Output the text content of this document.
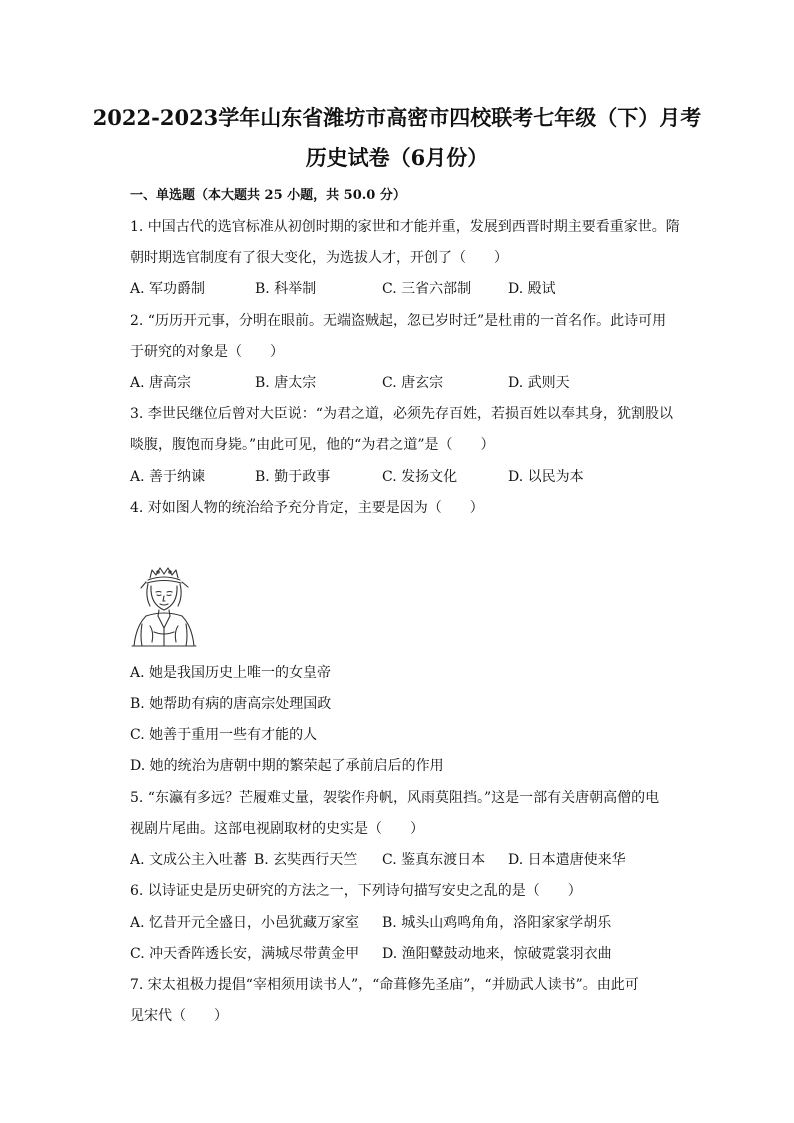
2022-2023学年山东省潍坊市高密市四校联考七年级（下）月考
历史试卷（6月份）
一、单选题（本大题共 25 小题，共 50.0 分）
1. 中国古代的选官标准从初创时期的家世和才能并重，发展到西晋时期主要看重家世。隋
朝时期选官制度有了很大变化，为选拔人才，开创了（　　）
A. 军功爵制	B. 科举制	C. 三省六部制	D. 殿试
2. “历历开元事，分明在眼前。无端盗贼起，忽已岁时迁”是杜甫的一首名作。此诗可用
于研究的对象是（　　）
A. 唐高宗	B. 唐太宗	C. 唐玄宗	D. 武则天
3. 李世民继位后曾对大臣说：“为君之道，必须先存百姓，若损百姓以奉其身，犹割股以
啖腹，腹饱而身毙。”由此可见，他的“为君之道”是（　　）
A. 善于纳谏	B. 勤于政事	C. 发扬文化	D. 以民为本
4. 对如图人物的统治给予充分肯定，主要是因为（　　）
A. 她是我国历史上唯一的女皇帝
B. 她帮助有病的唐高宗处理国政
C. 她善于重用一些有才能的人
D. 她的统治为唐朝中期的繁荣起了承前启后的作用
5. “东瀛有多远？芒履难丈量，袈裟作舟帆，风雨莫阻挡。”这是一部有关唐朝高僧的电
视剧片尾曲。这部电视剧取材的史实是（　　）
A. 文成公主入吐蕃 B. 玄奘西行天竺 C. 鉴真东渡日本 D. 日本遣唐使来华
6. 以诗证史是历史研究的方法之一，下列诗句描写安史之乱的是（　　）
A. 忆昔开元全盛日，小邑犹藏万家室 B. 城头山鸡鸣角角，洛阳家家学胡乐
C. 冲天香阵透长安，满城尽带黄金甲 D. 渔阳鼙鼓动地来，惊破霓裳羽衣曲
7. 宋太祖极力提倡“宰相须用读书人”，“命葺修先圣庙”，“并励武人读书”。由此可
见宋代（　　）
